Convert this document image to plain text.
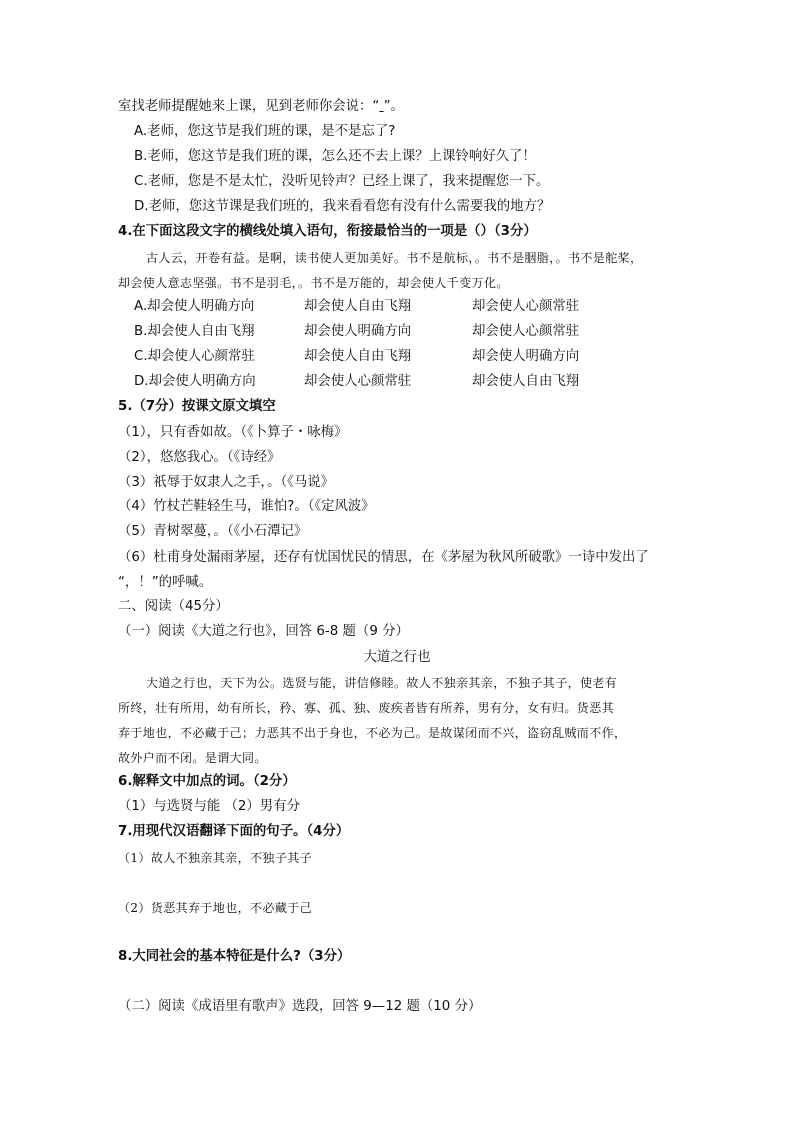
室找老师提醒她来上课，见到老师你会说：“ ”。
A.老师，您这节是我们班的课，是不是忘了?
B.老师，您这节是我们班的课，怎么还不去上课？上课铃响好久了！
C.老师，您是不是太忙，没听见铃声？已经上课了，我来提醒您一下。
D.老师，您这节课是我们班的，我来看看您有没有什么需要我的地方？
4.在下面这段文字的横线处填入语句，衔接最恰当的一项是（）（3分）
古人云，开卷有益。是啊，读书使人更加美好。书不是航标，。书不是胭脂，。书不是舵桨，
却会使人意志坚强。书不是羽毛，。书不是万能的，却会使人千变万化。
A.却会使人明确方向	却会使人自由飞翔	却会使人心颜常驻
B.却会使人自由飞翔	却会使人明确方向	却会使人心颜常驻
C.却会使人心颜常驻	却会使人自由飞翔	却会使人明确方向
D.却会使人明确方向	却会使人心颜常驻	却会使人自由飞翔
5.（7分）按课文原文填空
（1），只有香如故。（《卜算子・咏梅》
（2），悠悠我心。（《诗经》
（3）祇辱于奴隶人之手，。（《马说》
（4）竹杖芒鞋轻生马，谁怕?。（《定风波》
（5）青树翠蔓，。（《小石潭记》
（6）杜甫身处漏雨茅屋，还存有忧国忧民的情思，在《茅屋为秋风所破歌》一诗中发出了
“，！”的呼喊。
二、阅读（45分）
（一）阅读《大道之行也》，回答 6-8 题（9 分）
大道之行也
大道之行也，天下为公。选贤与能，讲信修睦。故人不独亲其亲，不独子其子，使老有
所终，壮有所用，幼有所长，矜、寡、孤、独、废疾者皆有所养，男有分，女有归。货恶其
弃于地也，不必藏于己；力恶其不出于身也，不必为己。是故谋闭而不兴，盗窃乱贼而不作，
故外户而不闭。是谓大同。
6.解释文中加点的词。（2分）
（1）与选贤与能 （2）男有分
7.用现代汉语翻译下面的句子。（4分）
（1）故人不独亲其亲，不独子其子
（2）货恶其弃于地也，不必藏于己
8.大同社会的基本特征是什么?（3分）
（二）阅读《成语里有歌声》选段，回答 9—12 题（10 分）
